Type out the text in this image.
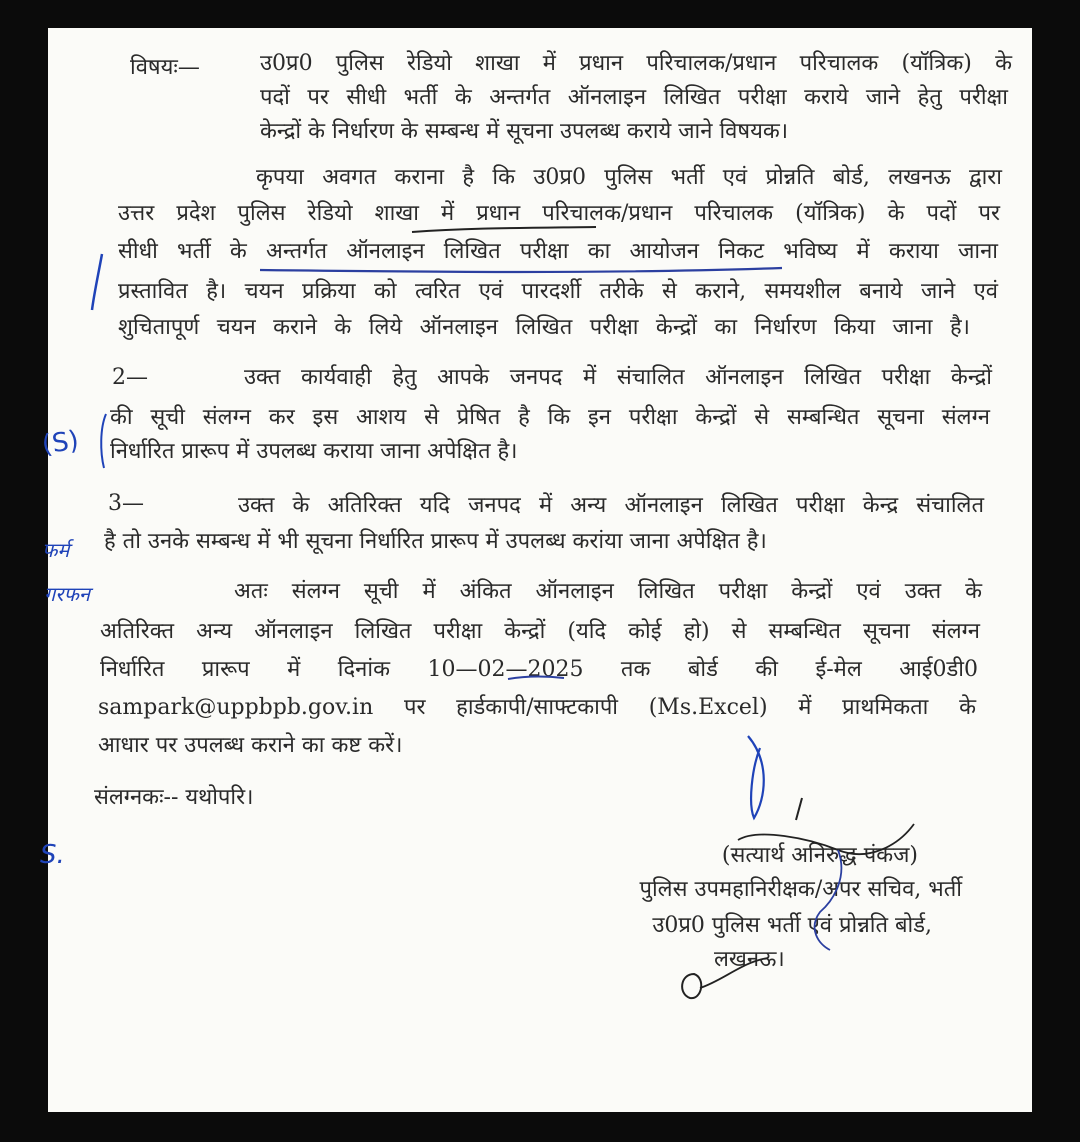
विषयः—	उ0प्र0 पुलिस रेडियो शाखा में प्रधान परिचालक/प्रधान परिचालक (यॉत्रिक) के
पदों पर सीधी भर्ती के अन्तर्गत ऑनलाइन लिखित परीक्षा कराये जाने हेतु परीक्षा
केन्द्रों के निर्धारण के सम्बन्ध में सूचना उपलब्ध कराये जाने विषयक।
कृपया अवगत कराना है कि उ0प्र0 पुलिस भर्ती एवं प्रोन्नति बोर्ड, लखनऊ द्वारा
उत्तर प्रदेश पुलिस रेडियो शाखा में प्रधान परिचालक/प्रधान परिचालक (यॉत्रिक) के पदों पर
सीधी भर्ती के अन्तर्गत ऑनलाइन लिखित परीक्षा का आयोजन निकट भविष्य में कराया जाना
प्रस्तावित है। चयन प्रक्रिया को त्वरित एवं पारदर्शी तरीके से कराने, समयशील बनाये जाने एवं
शुचितापूर्ण चयन कराने के लिये ऑनलाइन लिखित परीक्षा केन्द्रों का निर्धारण किया जाना है।
2—	उक्त कार्यवाही हेतु आपके जनपद में संचालित ऑनलाइन लिखित परीक्षा केन्द्रों
की सूची संलग्न कर इस आशय से प्रेषित है कि इन परीक्षा केन्द्रों से सम्बन्धित सूचना संलग्न
निर्धारित प्रारूप में उपलब्ध कराया जाना अपेक्षित है।
3—	उक्त के अतिरिक्त यदि जनपद में अन्य ऑनलाइन लिखित परीक्षा केन्द्र संचालित
है तो उनके सम्बन्ध में भी सूचना निर्धारित प्रारूप में उपलब्ध करांया जाना अपेक्षित है।
अतः संलग्न सूची में अंकित ऑनलाइन लिखित परीक्षा केन्द्रों एवं उक्त के
अतिरिक्त अन्य ऑनलाइन लिखित परीक्षा केन्द्रों (यदि कोई हो) से सम्बन्धित सूचना संलग्न
निर्धारित प्रारूप में दिनांक 10—02—2025 तक बोर्ड की ई-मेल आई0डी0
sampark@uppbpb.gov.in पर हार्डकापी/साफ्टकापी (Ms.Excel) में प्राथमिकता के
आधार पर उपलब्ध कराने का कष्ट करें।
संलग्नकः-- यथोपरि।
(सत्यार्थ अनिरुद्ध पंकज)
पुलिस उपमहानिरीक्षक/अपर सचिव, भर्ती
उ0प्र0 पुलिस भर्ती एवं प्रोन्नति बोर्ड,
लखनऊ।
(S)
फर्म
गरफन
S.
